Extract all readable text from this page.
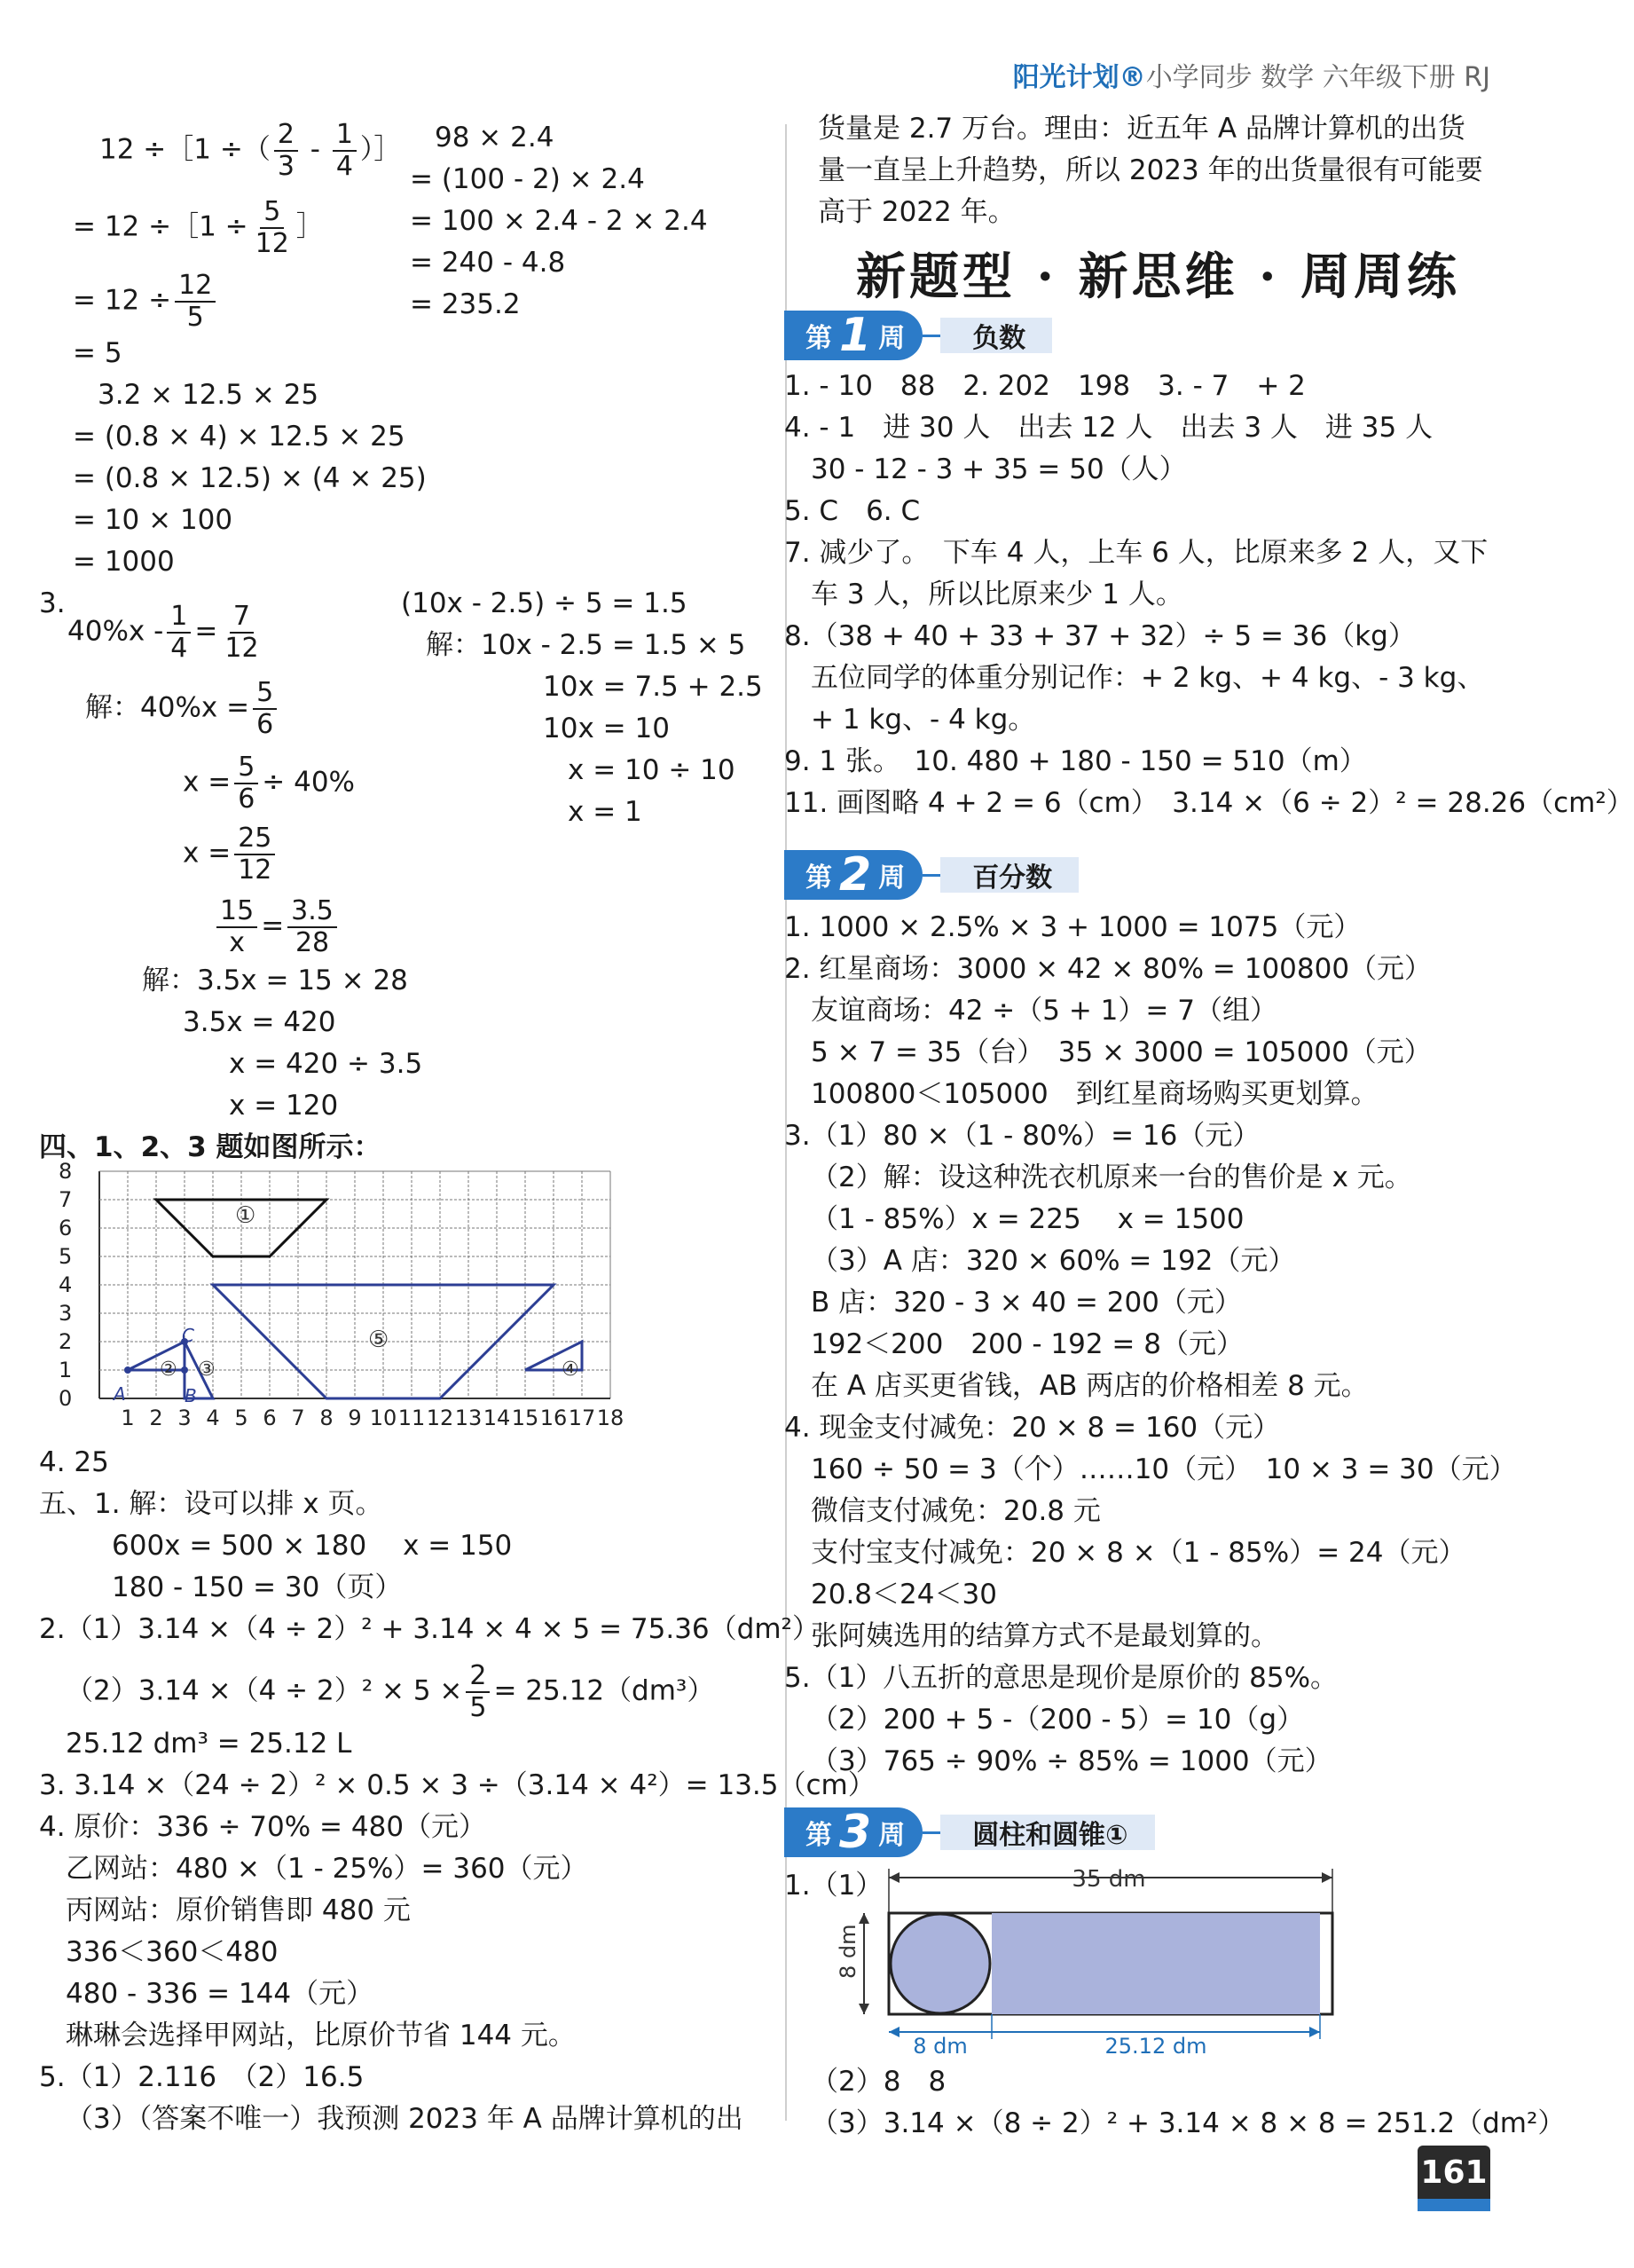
阳光计划®小学同步 数学 六年级下册 RJ
12 ÷［1 ÷（ $\frac{2}{3} - \frac{1}{4}$ ）］ 98 × 2.4
= 12 ÷［1 ÷ $\frac{5}{12}$ ］
= (100 - 2) × 2.4
= 100 × 2.4 - 2 × 2.4
= $12 \div \frac{12}{5}$
= 240 - 4.8
= 235.2
= 5
3.2 × 12.5 × 25
= (0.8 × 4) × 12.5 × 25
= (0.8 × 12.5) × (4 × 25)
= 10 × 100
= 1000
3.
$40\%x - \frac{1}{4} = \frac{7}{12}$	(10x - 2.5) ÷ 5 = 1.5
解：10x - 2.5 = 1.5 × 5
解：$40\%x = \frac{5}{6}$	10x = 7.5 + 2.5
10x = 10
$x = \frac{5}{6} \div 40\%$	x = 10 ÷ 10
x = 1
$x = \frac{25}{12}$
$\frac{15}{x} = \frac{3.5}{28}$
解：3.5x = 15 × 28
3.5x = 420
x = 420 ÷ 3.5
x = 120
四、1、2、3 题如图所示：
8
7
6
5
4
3
2
1
0
1 2 3 4 5 6 7 8 9 10 11 12 13 14 15 16 17 18
①
⑤
② ③	④
A	B
C
4. 25
五、1. 解：设可以排 x 页。
600x = 500 × 180　 x = 150
180 - 150 = 30（页）
2.（1）3.14 ×（4 ÷ 2）² + 3.14 × 4 × 5 = 75.36（dm²）
$(2)3.14 \times(4 \div 2)^2 \times 5 \times \frac{2}{5} = 25.12(dm^3)$
25.12 dm³ = 25.12 L
3. 3.14 ×（24 ÷ 2）² × 0.5 × 3 ÷（3.14 × 4²）= 13.5（cm）
4. 原价：336 ÷ 70% = 480（元）
乙网站：480 ×（1 - 25%）= 360（元）
丙网站：原价销售即 480 元
336＜360＜480
480 - 336 = 144（元）
琳琳会选择甲网站，比原价节省 144 元。
5.（1）2.116　（2）16.5
（3）（答案不唯一）我预测 2023 年 A 品牌计算机的出
货量是 2.7 万台。理由：近五年 A 品牌计算机的出货
量一直呈上升趋势，所以 2023 年的出货量很有可能要
高于 2022 年。
新题型 · 新思维 · 周周练
第 1 周	负数
1. - 10　88　2. 202　198　3. - 7　+ 2
4. - 1　进 30 人　出去 12 人　出去 3 人　进 35 人
30 - 12 - 3 + 35 = 50（人）
5. C　6. C
7. 减少了。　下车 4 人，上车 6 人，比原来多 2 人，又下
车 3 人，所以比原来少 1 人。
8.（38 + 40 + 33 + 37 + 32）÷ 5 = 36（kg）
五位同学的体重分别记作：+ 2 kg、+ 4 kg、- 3 kg、
+ 1 kg、- 4 kg。
9. 1 张。　10. 480 + 180 - 150 = 510（m）
11. 画图略 4 + 2 = 6（cm）　3.14 ×（6 ÷ 2）² = 28.26（cm²）
第 2 周	百分数
1. 1000 × 2.5% × 3 + 1000 = 1075（元）
2. 红星商场：3000 × 42 × 80% = 100800（元）
友谊商场：42 ÷（5 + 1）= 7（组）
5 × 7 = 35（台）　35 × 3000 = 105000（元）
100800＜105000　到红星商场购买更划算。
3.（1）80 ×（1 - 80%）= 16（元）
（2）解：设这种洗衣机原来一台的售价是 x 元。
（1 - 85%）x = 225　 x = 1500
（3）A 店：320 × 60% = 192（元）
B 店：320 - 3 × 40 = 200（元）
192＜200　200 - 192 = 8（元）
在 A 店买更省钱，AB 两店的价格相差 8 元。
4. 现金支付减免：20 × 8 = 160（元）
160 ÷ 50 = 3（个）……10（元）　10 × 3 = 30（元）
微信支付减免：20.8 元
支付宝支付减免：20 × 8 ×（1 - 85%）= 24（元）
20.8＜24＜30
张阿姨选用的结算方式不是最划算的。
5.（1）八五折的意思是现价是原价的 85%。
（2）200 + 5 -（200 - 5）= 10（g）
（3）765 ÷ 90% ÷ 85% = 1000（元）
第 3 周	圆柱和圆锥①
1.（1）	35 dm
8 dm
8 dm	25.12 dm
（2）8　8
（3）3.14 ×（8 ÷ 2）² + 3.14 × 8 × 8 = 251.2（dm²）
161
